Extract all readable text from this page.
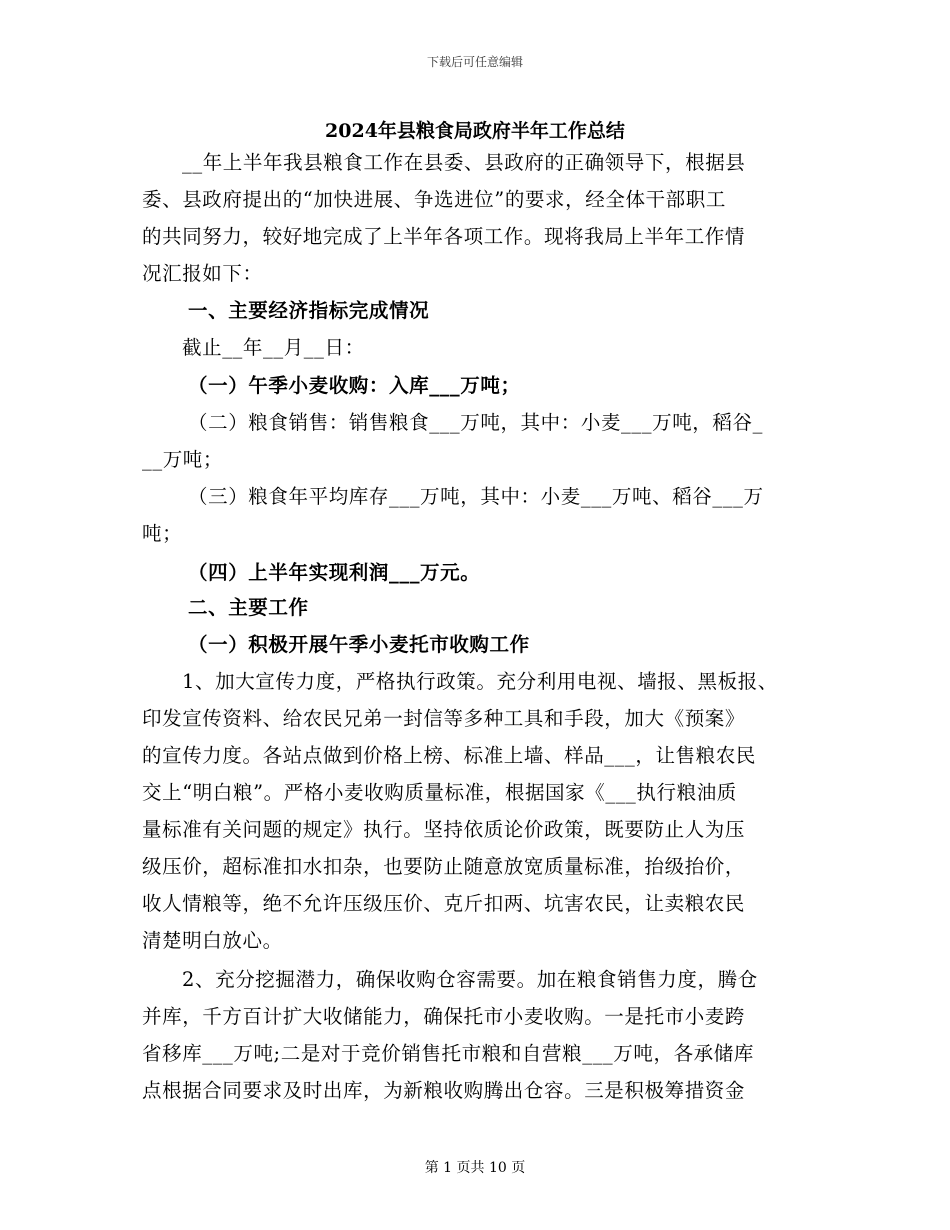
下载后可任意编辑
2024年县粮食局政府半年工作总结
__年上半年我县粮食工作在县委、县政府的正确领导下，根据县
委、县政府提出的“加快进展、争选进位”的要求，经全体干部职工
的共同努力，较好地完成了上半年各项工作。现将我局上半年工作情
况汇报如下：
一、主要经济指标完成情况
截止__年__月__日：
（一）午季小麦收购：入库___万吨；
（二）粮食销售：销售粮食___万吨，其中：小麦___万吨，稻谷_
__万吨；
（三）粮食年平均库存___万吨，其中：小麦___万吨、稻谷___万
吨；
（四）上半年实现利润___万元。
二、主要工作
（一）积极开展午季小麦托市收购工作
1、加大宣传力度，严格执行政策。充分利用电视、墙报、黑板报、
印发宣传资料、给农民兄弟一封信等多种工具和手段，加大《预案》
的宣传力度。各站点做到价格上榜、标准上墙、样品___，让售粮农民
交上“明白粮”。严格小麦收购质量标准，根据国家《___执行粮油质
量标准有关问题的规定》执行。坚持依质论价政策，既要防止人为压
级压价，超标准扣水扣杂，也要防止随意放宽质量标准，抬级抬价，
收人情粮等，绝不允许压级压价、克斤扣两、坑害农民，让卖粮农民
清楚明白放心。
2、充分挖掘潜力，确保收购仓容需要。加在粮食销售力度，腾仓
并库，千方百计扩大收储能力，确保托市小麦收购。一是托市小麦跨
省移库___万吨;二是对于竞价销售托市粮和自营粮___万吨，各承储库
点根据合同要求及时出库，为新粮收购腾出仓容。三是积极筹措资金
第 1 页共 10 页
